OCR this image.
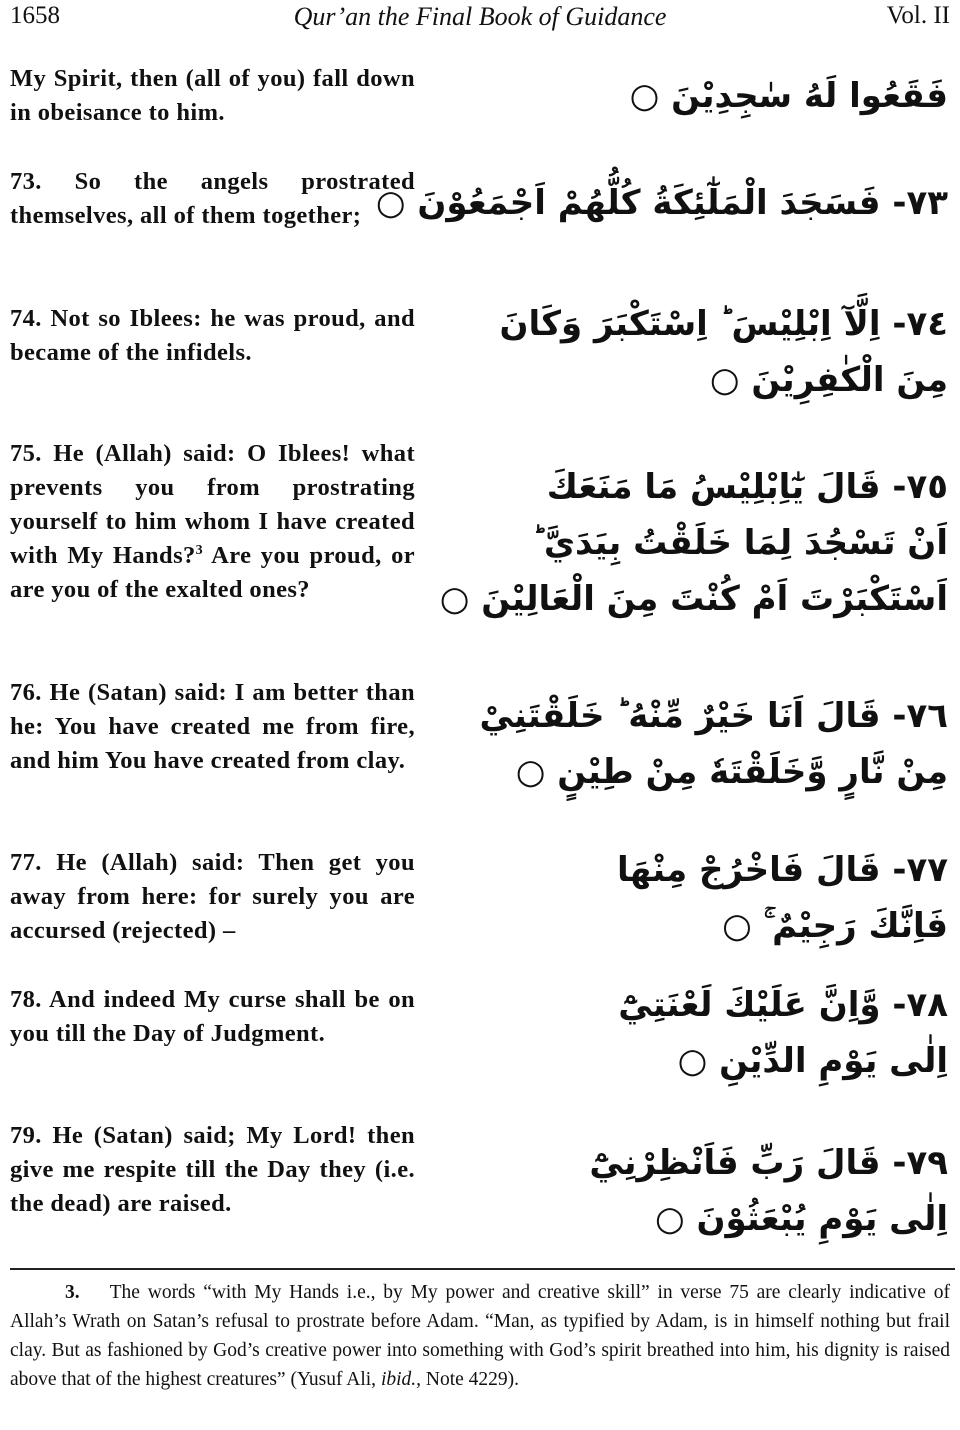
1658	Qur’an the Final Book of Guidance	Vol. II
My Spirit, then (all of you) fall down in obeisance to him.	فَقَعُوا لَهُ سٰجِدِيْنَ ○
73. So the angels prostrated themselves, all of them together; ٧٣- فَسَجَدَ الْمَلٰٓئِكَةُ كُلُّهُمْ اَجْمَعُوْنَ ○
74. Not so Iblees: he was proud, and became of the infidels.
٧٤- اِلَّآ اِبْلِيْسَ ؕ اِسْتَكْبَرَ وَكَانَ
مِنَ الْكٰفِرِيْنَ ○
75. He (Allah) said: O Iblees! what prevents you from prostrating yourself to him whom I have created with My Hands?$^3$ Are you proud, or are you of the exalted ones?
٧٥- قَالَ يٰٓاِبْلِيْسُ مَا مَنَعَكَ
اَنْ تَسْجُدَ لِمَا خَلَقْتُ بِيَدَيَّ ؕ
اَسْتَكْبَرْتَ اَمْ كُنْتَ مِنَ الْعَالِيْنَ ○
76. He (Satan) said: I am better than he: You have created me from fire, and him You have created from clay.
٧٦- قَالَ اَنَا خَيْرٌ مِّنْهُ ؕ خَلَقْتَنِيْ
مِنْ نَّارٍ وَّخَلَقْتَهٗ مِنْ طِيْنٍ ○
77. He (Allah) said: Then get you away from here: for surely you are accursed (rejected) –
٧٧- قَالَ فَاخْرُجْ مِنْهَا
فَاِنَّكَ رَجِيْمٌ ۚ ○
78. And indeed My curse shall be on you till the Day of Judgment.
٧٨- وَّاِنَّ عَلَيْكَ لَعْنَتِيْٓ
اِلٰى يَوْمِ الدِّيْنِ ○
79. He (Satan) said; My Lord! then give me respite till the Day they (i.e. the dead) are raised.
٧٩- قَالَ رَبِّ فَاَنْظِرْنِيْٓ
اِلٰى يَوْمِ يُبْعَثُوْنَ ○
3. The words “with My Hands i.e., by My power and creative skill” in verse 75 are clearly indicative of Allah’s Wrath on Satan’s refusal to prostrate before Adam. “Man, as typified by Adam, is in himself nothing but frail clay. But as fashioned by God’s creative power into something with God’s spirit breathed into him, his dignity is raised above that of the highest creatures” (Yusuf Ali, ibid., Note 4229).
